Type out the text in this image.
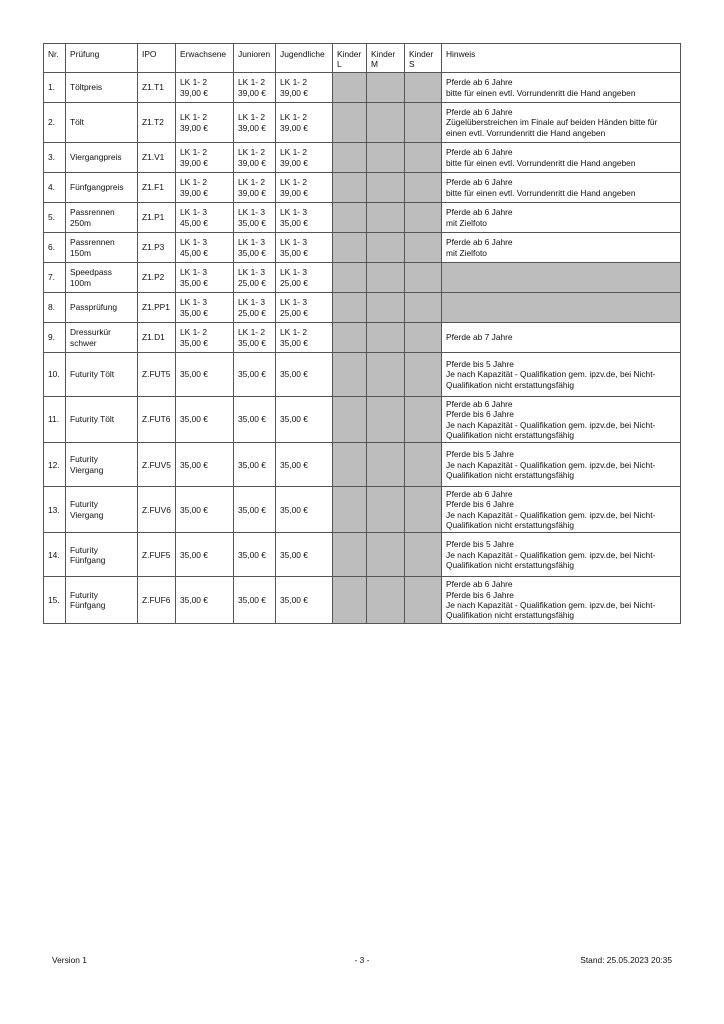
Nr.	Prüfung	IPO	Erwachsene	Junioren	Jugendliche	Kinder L	Kinder M	Kinder S	Hinweis
1.	Töltpreis	Z1.T1	LK 1- 2
39,00 €	LK 1- 2
39,00 €	LK 1- 2
39,00 €				Pferde ab 6 Jahre
bitte für einen evtl. Vorrundenritt die Hand angeben
2.	Tölt	Z1.T2	LK 1- 2
39,00 €	LK 1- 2
39,00 €	LK 1- 2
39,00 €				Pferde ab 6 Jahre
Zügelüberstreichen im Finale auf beiden Händen bitte für einen evtl. Vorrundenritt die Hand angeben
3.	Viergangpreis	Z1.V1	LK 1- 2
39,00 €	LK 1- 2
39,00 €	LK 1- 2
39,00 €				Pferde ab 6 Jahre
bitte für einen evtl. Vorrundenritt die Hand angeben
4.	Fünfgangpreis	Z1.F1	LK 1- 2
39,00 €	LK 1- 2
39,00 €	LK 1- 2
39,00 €				Pferde ab 6 Jahre
bitte für einen evtl. Vorrundenritt die Hand angeben
5.	Passrennen 250m	Z1.P1	LK 1- 3
45,00 €	LK 1- 3
35,00 €	LK 1- 3
35,00 €				Pferde ab 6 Jahre
mit Zielfoto
6.	Passrennen 150m	Z1.P3	LK 1- 3
45,00 €	LK 1- 3
35,00 €	LK 1- 3
35,00 €				Pferde ab 6 Jahre
mit Zielfoto
7.	Speedpass 100m	Z1.P2	LK 1- 3
35,00 €	LK 1- 3
25,00 €	LK 1- 3
25,00 €				
8.	Passprüfung	Z1.PP1	LK 1- 3
35,00 €	LK 1- 3
25,00 €	LK 1- 3
25,00 €				
9.	Dressurkür schwer	Z1.D1	LK 1- 2
35,00 €	LK 1- 2
35,00 €	LK 1- 2
35,00 €				Pferde ab 7 Jahre
10.	Futurity Tölt	Z.FUT5	35,00 €	35,00 €	35,00 €				Pferde bis 5 Jahre
Je nach Kapazität - Qualifikation gem. ipzv.de, bei Nicht-Qualifikation nicht erstattungsfähig
11.	Futurity Tölt	Z.FUT6	35,00 €	35,00 €	35,00 €				Pferde ab 6 Jahre
Pferde bis 6 Jahre
Je nach Kapazität - Qualifikation gem. ipzv.de, bei Nicht-Qualifikation nicht erstattungsfähig
12.	Futurity Viergang	Z.FUV5	35,00 €	35,00 €	35,00 €				Pferde bis 5 Jahre
Je nach Kapazität - Qualifikation gem. ipzv.de, bei Nicht-Qualifikation nicht erstattungsfähig
13.	Futurity Viergang	Z.FUV6	35,00 €	35,00 €	35,00 €				Pferde ab 6 Jahre
Pferde bis 6 Jahre
Je nach Kapazität - Qualifikation gem. ipzv.de, bei Nicht-Qualifikation nicht erstattungsfähig
14.	Futurity Fünfgang	Z.FUF5	35,00 €	35,00 €	35,00 €				Pferde bis 5 Jahre
Je nach Kapazität - Qualifikation gem. ipzv.de, bei Nicht-Qualifikation nicht erstattungsfähig
15.	Futurity Fünfgang	Z.FUF6	35,00 €	35,00 €	35,00 €				Pferde ab 6 Jahre
Pferde bis 6 Jahre
Je nach Kapazität - Qualifikation gem. ipzv.de, bei Nicht-Qualifikation nicht erstattungsfähig
Version 1	- 3 -	Stand: 25.05.2023 20:35
